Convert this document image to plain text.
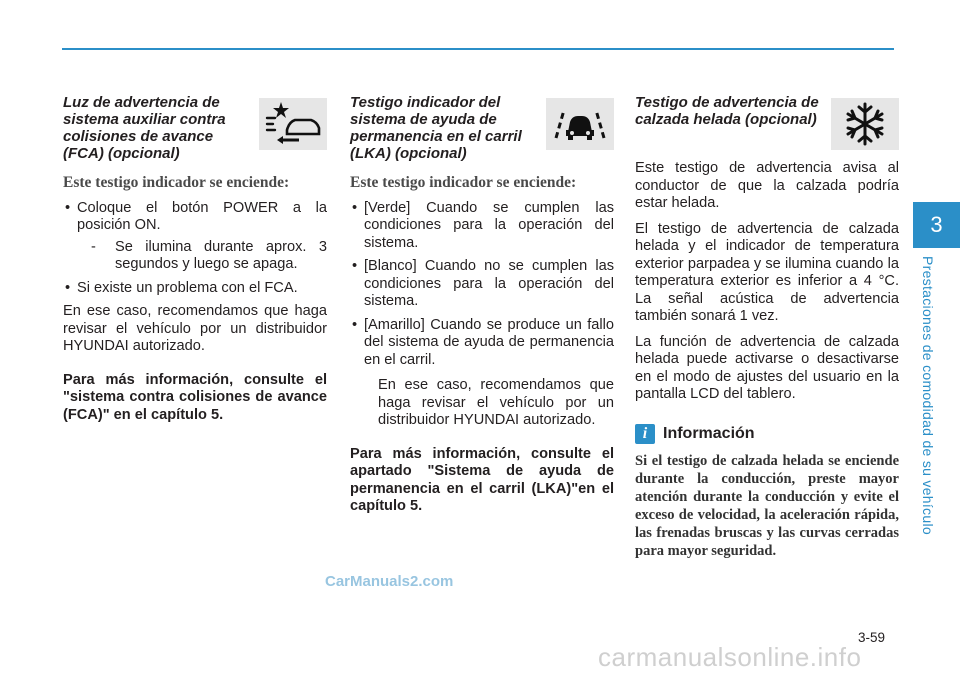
Luz de advertencia de sistema auxiliar contra colisiones de avance (FCA) (opcional)
Este testigo indicador se enciende:
• Coloque el botón POWER a la posición ON.
- Se ilumina durante aprox. 3 segundos y luego se apaga.
• Si existe un problema con el FCA.

En ese caso, recomendamos que haga revisar el vehículo por un distribuidor HYUNDAI autorizado.

Para más información, consulte el "sistema contra colisiones de avance (FCA)" en el capítulo 5.

Testigo indicador del sistema de ayuda de permanencia en el carril (LKA) (opcional)
Este testigo indicador se enciende:
• [Verde] Cuando se cumplen las condiciones para la operación del sistema.
• [Blanco] Cuando no se cumplen las condiciones para la operación del sistema.
• [Amarillo] Cuando se produce un fallo del sistema de ayuda de permanencia en el carril.
En ese caso, recomendamos que haga revisar el vehículo por un distribuidor HYUNDAI autorizado.

Para más información, consulte el apartado "Sistema de ayuda de permanencia en el carril (LKA)"en el capítulo 5.

Testigo de advertencia de calzada helada (opcional)

Este testigo de advertencia avisa al conductor de que la calzada podría estar helada.

El testigo de advertencia de calzada helada y el indicador de temperatura exterior parpadea y se ilumina cuando la temperatura exterior es inferior a 4 °C. La señal acústica de advertencia también sonará 1 vez.

La función de advertencia de calzada helada puede activarse o desactivarse en el modo de ajustes del usuario en la pantalla LCD del tablero.

i Información
Si el testigo de calzada helada se enciende durante la conducción, preste mayor atención durante la conducción y evite el exceso de velocidad, la aceleración rápida, las frenadas bruscas y las curvas cerradas para mayor seguridad.
3
Prestaciones de comodidad de su vehículo
3-59
CarManuals2.com
carmanualsonline.info
